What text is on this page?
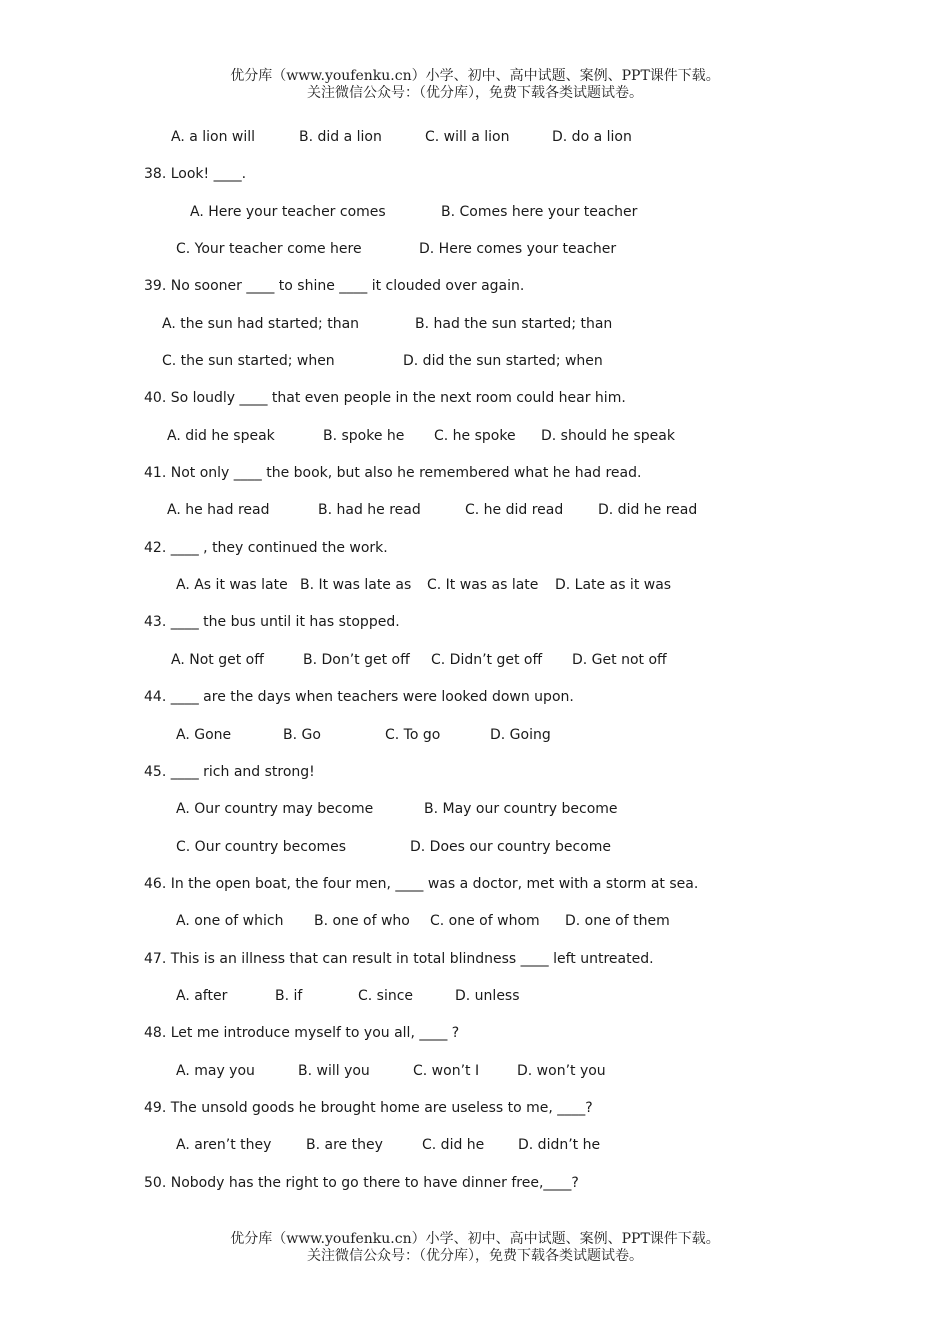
优分库（www.youfenku.cn）小学、初中、高中试题、案例、PPT课件下载。
关注微信公众号：（优分库），免费下载各类试题试卷。
A. a lion will	B. did a lion	C. will a lion	D. do a lion
38. Look! ____.
A. Here your teacher comes	B. Comes here your teacher
C. Your teacher come here	D. Here comes your teacher
39. No sooner ____ to shine ____ it clouded over again.
A. the sun had started; than	B. had the sun started; than
C. the sun started; when	D. did the sun started; when
40. So loudly ____ that even people in the next room could hear him.
A. did he speak	B. spoke he C. he spoke D. should he speak
41. Not only ____ the book, but also he remembered what he had read.
A. he had read	B. had he read	C. he did read D. did he read
42. ____ , they continued the work.
A. As it was late B. It was late as C. It was as late D. Late as it was
43. ____ the bus until it has stopped.
A. Not get off	B. Don’t get off C. Didn’t get off D. Get not off
44. ____ are the days when teachers were looked down upon.
A. Gone	B. Go	C. To go	D. Going
45. ____ rich and strong!
A. Our country may become	B. May our country become
C. Our country becomes	D. Does our country become
46. In the open boat, the four men, ____ was a doctor, met with a storm at sea.
A. one of which B. one of who C. one of whom D. one of them
47. This is an illness that can result in total blindness ____ left untreated.
A. after	B. if	C. since	D. unless
48. Let me introduce myself to you all, ____ ?
A. may you	B. will you	C. won’t I	D. won’t you
49. The unsold goods he brought home are useless to me, ____?
A. aren’t they B. are they	C. did he D. didn’t he
50. Nobody has the right to go there to have dinner free,____?
优分库（www.youfenku.cn）小学、初中、高中试题、案例、PPT课件下载。
关注微信公众号：（优分库），免费下载各类试题试卷。
